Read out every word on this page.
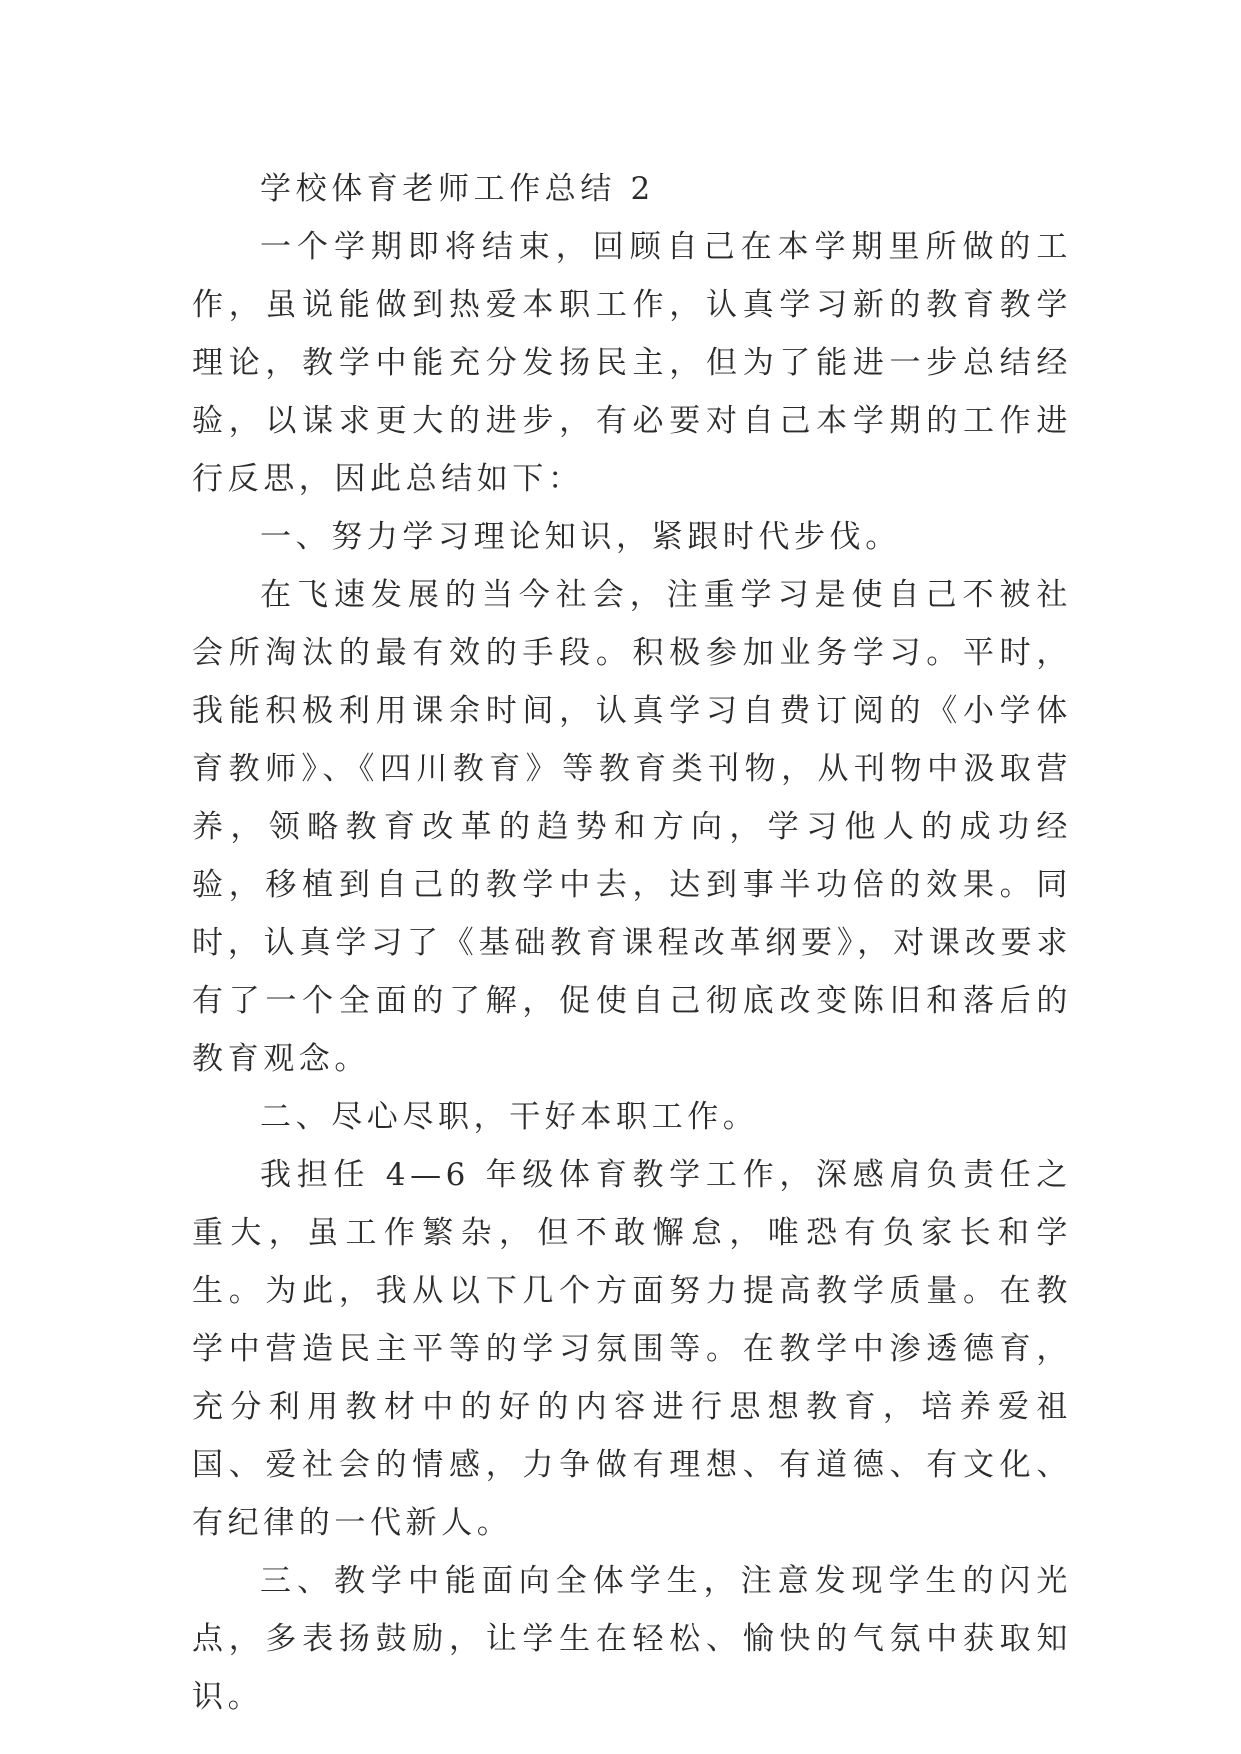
学校体育老师工作总结 2

一个学期即将结束，回顾自己在本学期里所做的工作，虽说能做到热爱本职工作，认真学习新的教育教学理论，教学中能充分发扬民主，但为了能进一步总结经验，以谋求更大的进步，有必要对自己本学期的工作进行反思，因此总结如下：

一、努力学习理论知识，紧跟时代步伐。

在飞速发展的当今社会，注重学习是使自己不被社会所淘汰的最有效的手段。积极参加业务学习。平时，我能积极利用课余时间，认真学习自费订阅的《小学体育教师》、《四川教育》等教育类刊物，从刊物中汲取营养，领略教育改革的趋势和方向，学习他人的成功经验，移植到自己的教学中去，达到事半功倍的效果。同时，认真学习了《基础教育课程改革纲要》，对课改要求有了一个全面的了解，促使自己彻底改变陈旧和落后的教育观念。

二、尽心尽职，干好本职工作。

我担任 4—6 年级体育教学工作，深感肩负责任之重大，虽工作繁杂，但不敢懈怠，唯恐有负家长和学生。为此，我从以下几个方面努力提高教学质量。在教学中营造民主平等的学习氛围等。在教学中渗透德育，充分利用教材中的好的内容进行思想教育，培养爱祖国、爱社会的情感，力争做有理想、有道德、有文化、有纪律的一代新人。

三、教学中能面向全体学生，注意发现学生的闪光点，多表扬鼓励，让学生在轻松、愉快的气氛中获取知识。
